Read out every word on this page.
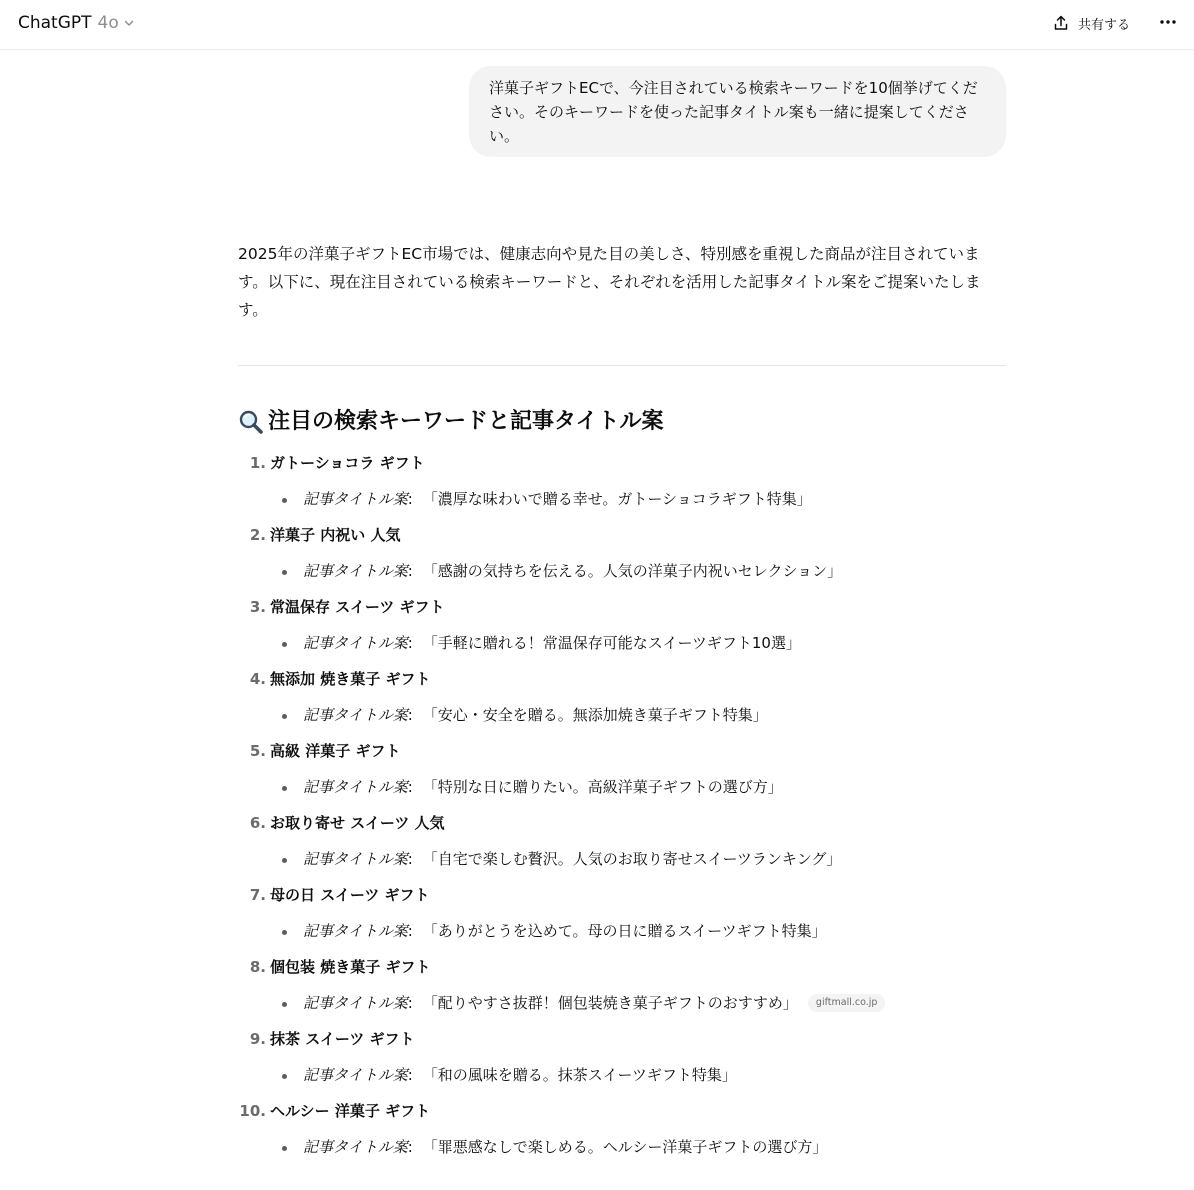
ChatGPT 4o	共有する
洋菓子ギフトECで、今注目されている検索キーワードを10個挙げてください。そのキーワードを使った記事タイトル案も一緒に提案してください。

2025年の洋菓子ギフトEC市場では、健康志向や見た目の美しさ、特別感を重視した商品が注目されています。以下に、現在注目されている検索キーワードと、それぞれを活用した記事タイトル案をご提案いたします。

注目の検索キーワードと記事タイトル案
1. ガトーショコラ ギフト
記事タイトル案 : 「濃厚な味わいで贈る幸せ。ガトーショコラギフト特集」
2. 洋菓子 内祝い 人気
記事タイトル案 : 「感謝の気持ちを伝える。人気の洋菓子内祝いセレクション」
3. 常温保存 スイーツ ギフト
記事タイトル案 : 「手軽に贈れる！常温保存可能なスイーツギフト10選」
4. 無添加 焼き菓子 ギフト
記事タイトル案 : 「安心・安全を贈る。無添加焼き菓子ギフト特集」
5. 高級 洋菓子 ギフト
記事タイトル案 : 「特別な日に贈りたい。高級洋菓子ギフトの選び方」
6. お取り寄せ スイーツ 人気
記事タイトル案 : 「自宅で楽しむ贅沢。人気のお取り寄せスイーツランキング」
7. 母の日 スイーツ ギフト
記事タイトル案 : 「ありがとうを込めて。母の日に贈るスイーツギフト特集」
8. 個包装 焼き菓子 ギフト
記事タイトル案 : 「配りやすさ抜群！個包装焼き菓子ギフトのおすすめ」	giftmall.co.jp
9. 抹茶 スイーツ ギフト
記事タイトル案 : 「和の風味を贈る。抹茶スイーツギフト特集」
10. ヘルシー 洋菓子 ギフト
記事タイトル案 : 「罪悪感なしで楽しめる。ヘルシー洋菓子ギフトの選び方」
